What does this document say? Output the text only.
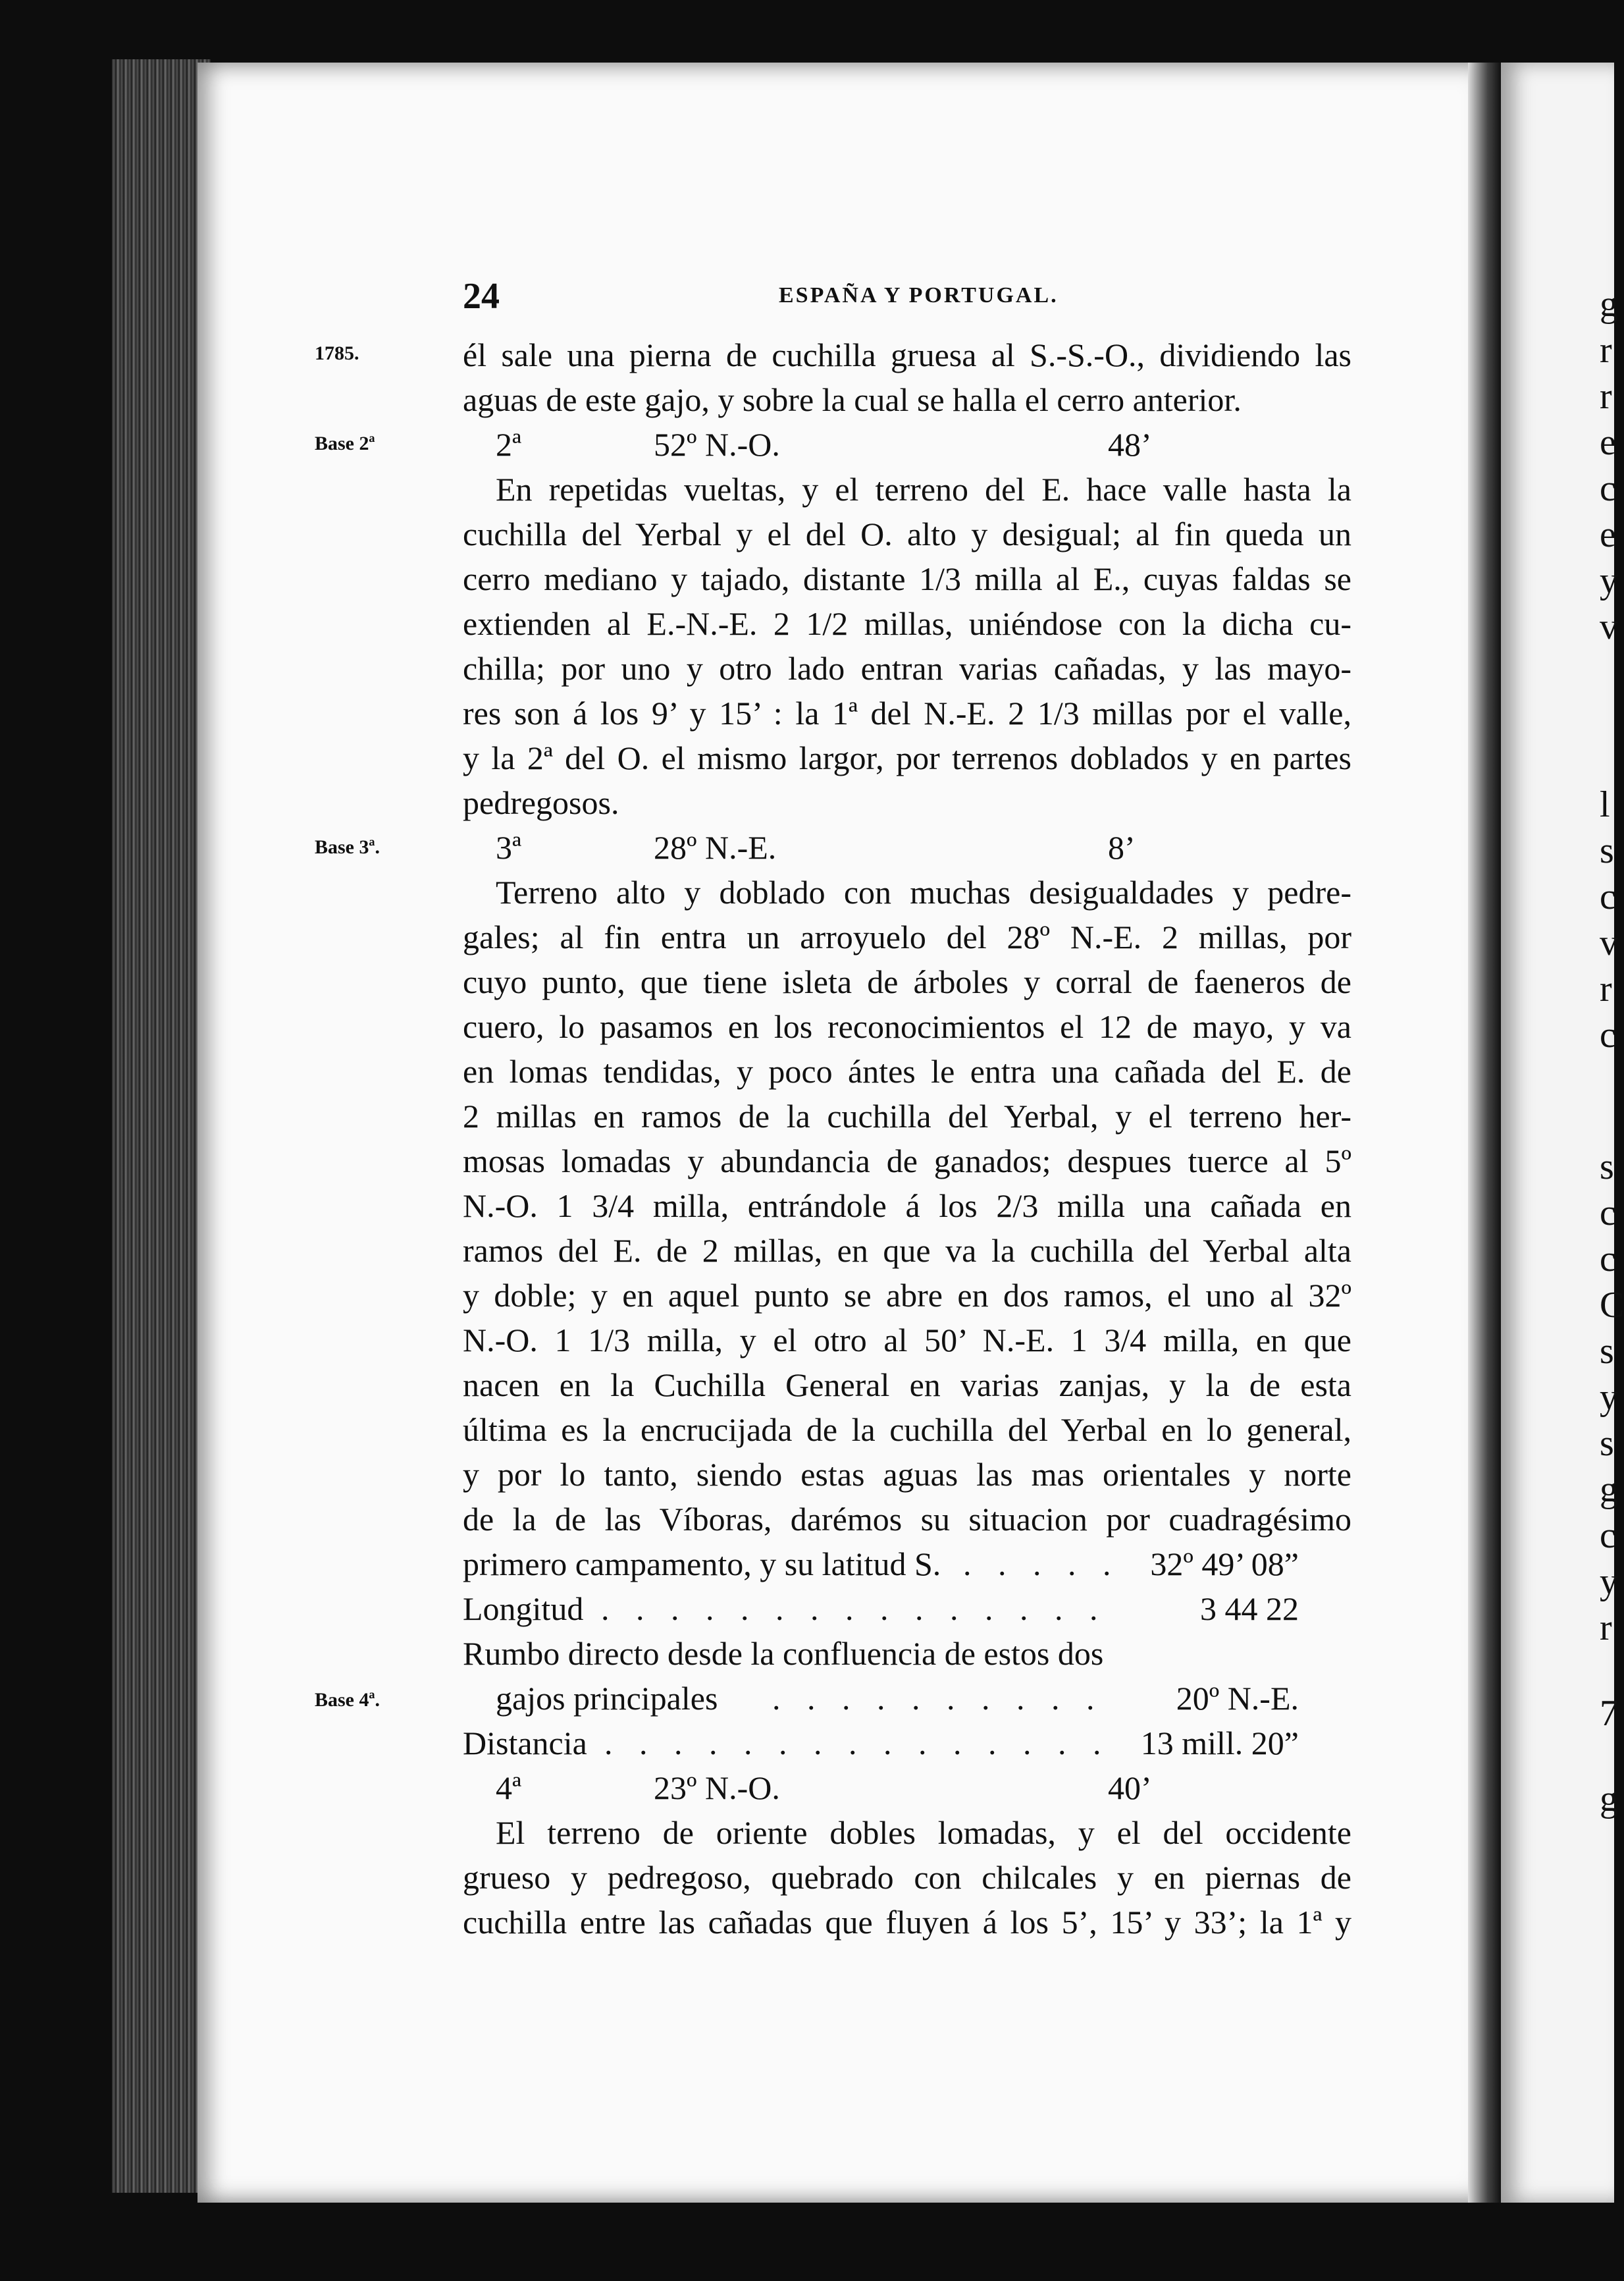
g
r
r
e
c
e
y
v
l
s
c
v
r
c
s
c
c
C
s
y
s
g
c
y
r
7
g
24	ESPAÑA Y PORTUGAL.
1785.
Base 2ª
Base 3ª.
Base 4ª.
él sale una pierna de cuchilla gruesa al S.-S.-O., dividiendo las
aguas de este gajo, y sobre la cual se halla el cerro anterior.
2ª	52º N.-O.	48’
En repetidas vueltas, y el terreno del E. hace valle hasta la
cuchilla del Yerbal y el del O. alto y desigual; al fin queda un
cerro mediano y tajado, distante 1/3 milla al E., cuyas faldas se
extienden al E.-N.-E. 2 1/2 millas, uniéndose con la dicha cu-
chilla; por uno y otro lado entran varias cañadas, y las mayo-
res son á los 9’ y 15’ : la 1ª del N.-E. 2 1/3 millas por el valle,
y la 2ª del O. el mismo largor, por terrenos doblados y en partes
pedregosos.
3ª	28º N.-E.	8’
Terreno alto y doblado con muchas desigualdades y pedre-
gales; al fin entra un arroyuelo del 28º N.-E. 2 millas, por
cuyo punto, que tiene isleta de árboles y corral de faeneros de
cuero, lo pasamos en los reconocimientos el 12 de mayo, y va
en lomas tendidas, y poco ántes le entra una cañada del E. de
2 millas en ramos de la cuchilla del Yerbal, y el terreno her-
mosas lomadas y abundancia de ganados; despues tuerce al 5º
N.-O. 1 3/4 milla, entrándole á los 2/3 milla una cañada en
ramos del E. de 2 millas, en que va la cuchilla del Yerbal alta
y doble; y en aquel punto se abre en dos ramos, el uno al 32º
N.-O. 1 1/3 milla, y el otro al 50’ N.-E. 1 3/4 milla, en que
nacen en la Cuchilla General en varias zanjas, y la de esta
última es la encrucijada de la cuchilla del Yerbal en lo general,
y por lo tanto, siendo estas aguas las mas orientales y norte
de la de las Víboras, darémos su situacion por cuadragésimo
primero campamento, y su latitud S. . . . . . 32º 49’ 08”
Longitud . . . . . . . . . . . . . . .	3 44 22
Rumbo directo desde la confluencia de estos dos
gajos principales . . . . . . . . . . 20º N.-E.
Distancia . . . . . . . . . . . . . . . 13 mill. 20”
4ª	23º N.-O.	40’
El terreno de oriente dobles lomadas, y el del occidente
grueso y pedregoso, quebrado con chilcales y en piernas de
cuchilla entre las cañadas que fluyen á los 5’, 15’ y 33’; la 1ª y
